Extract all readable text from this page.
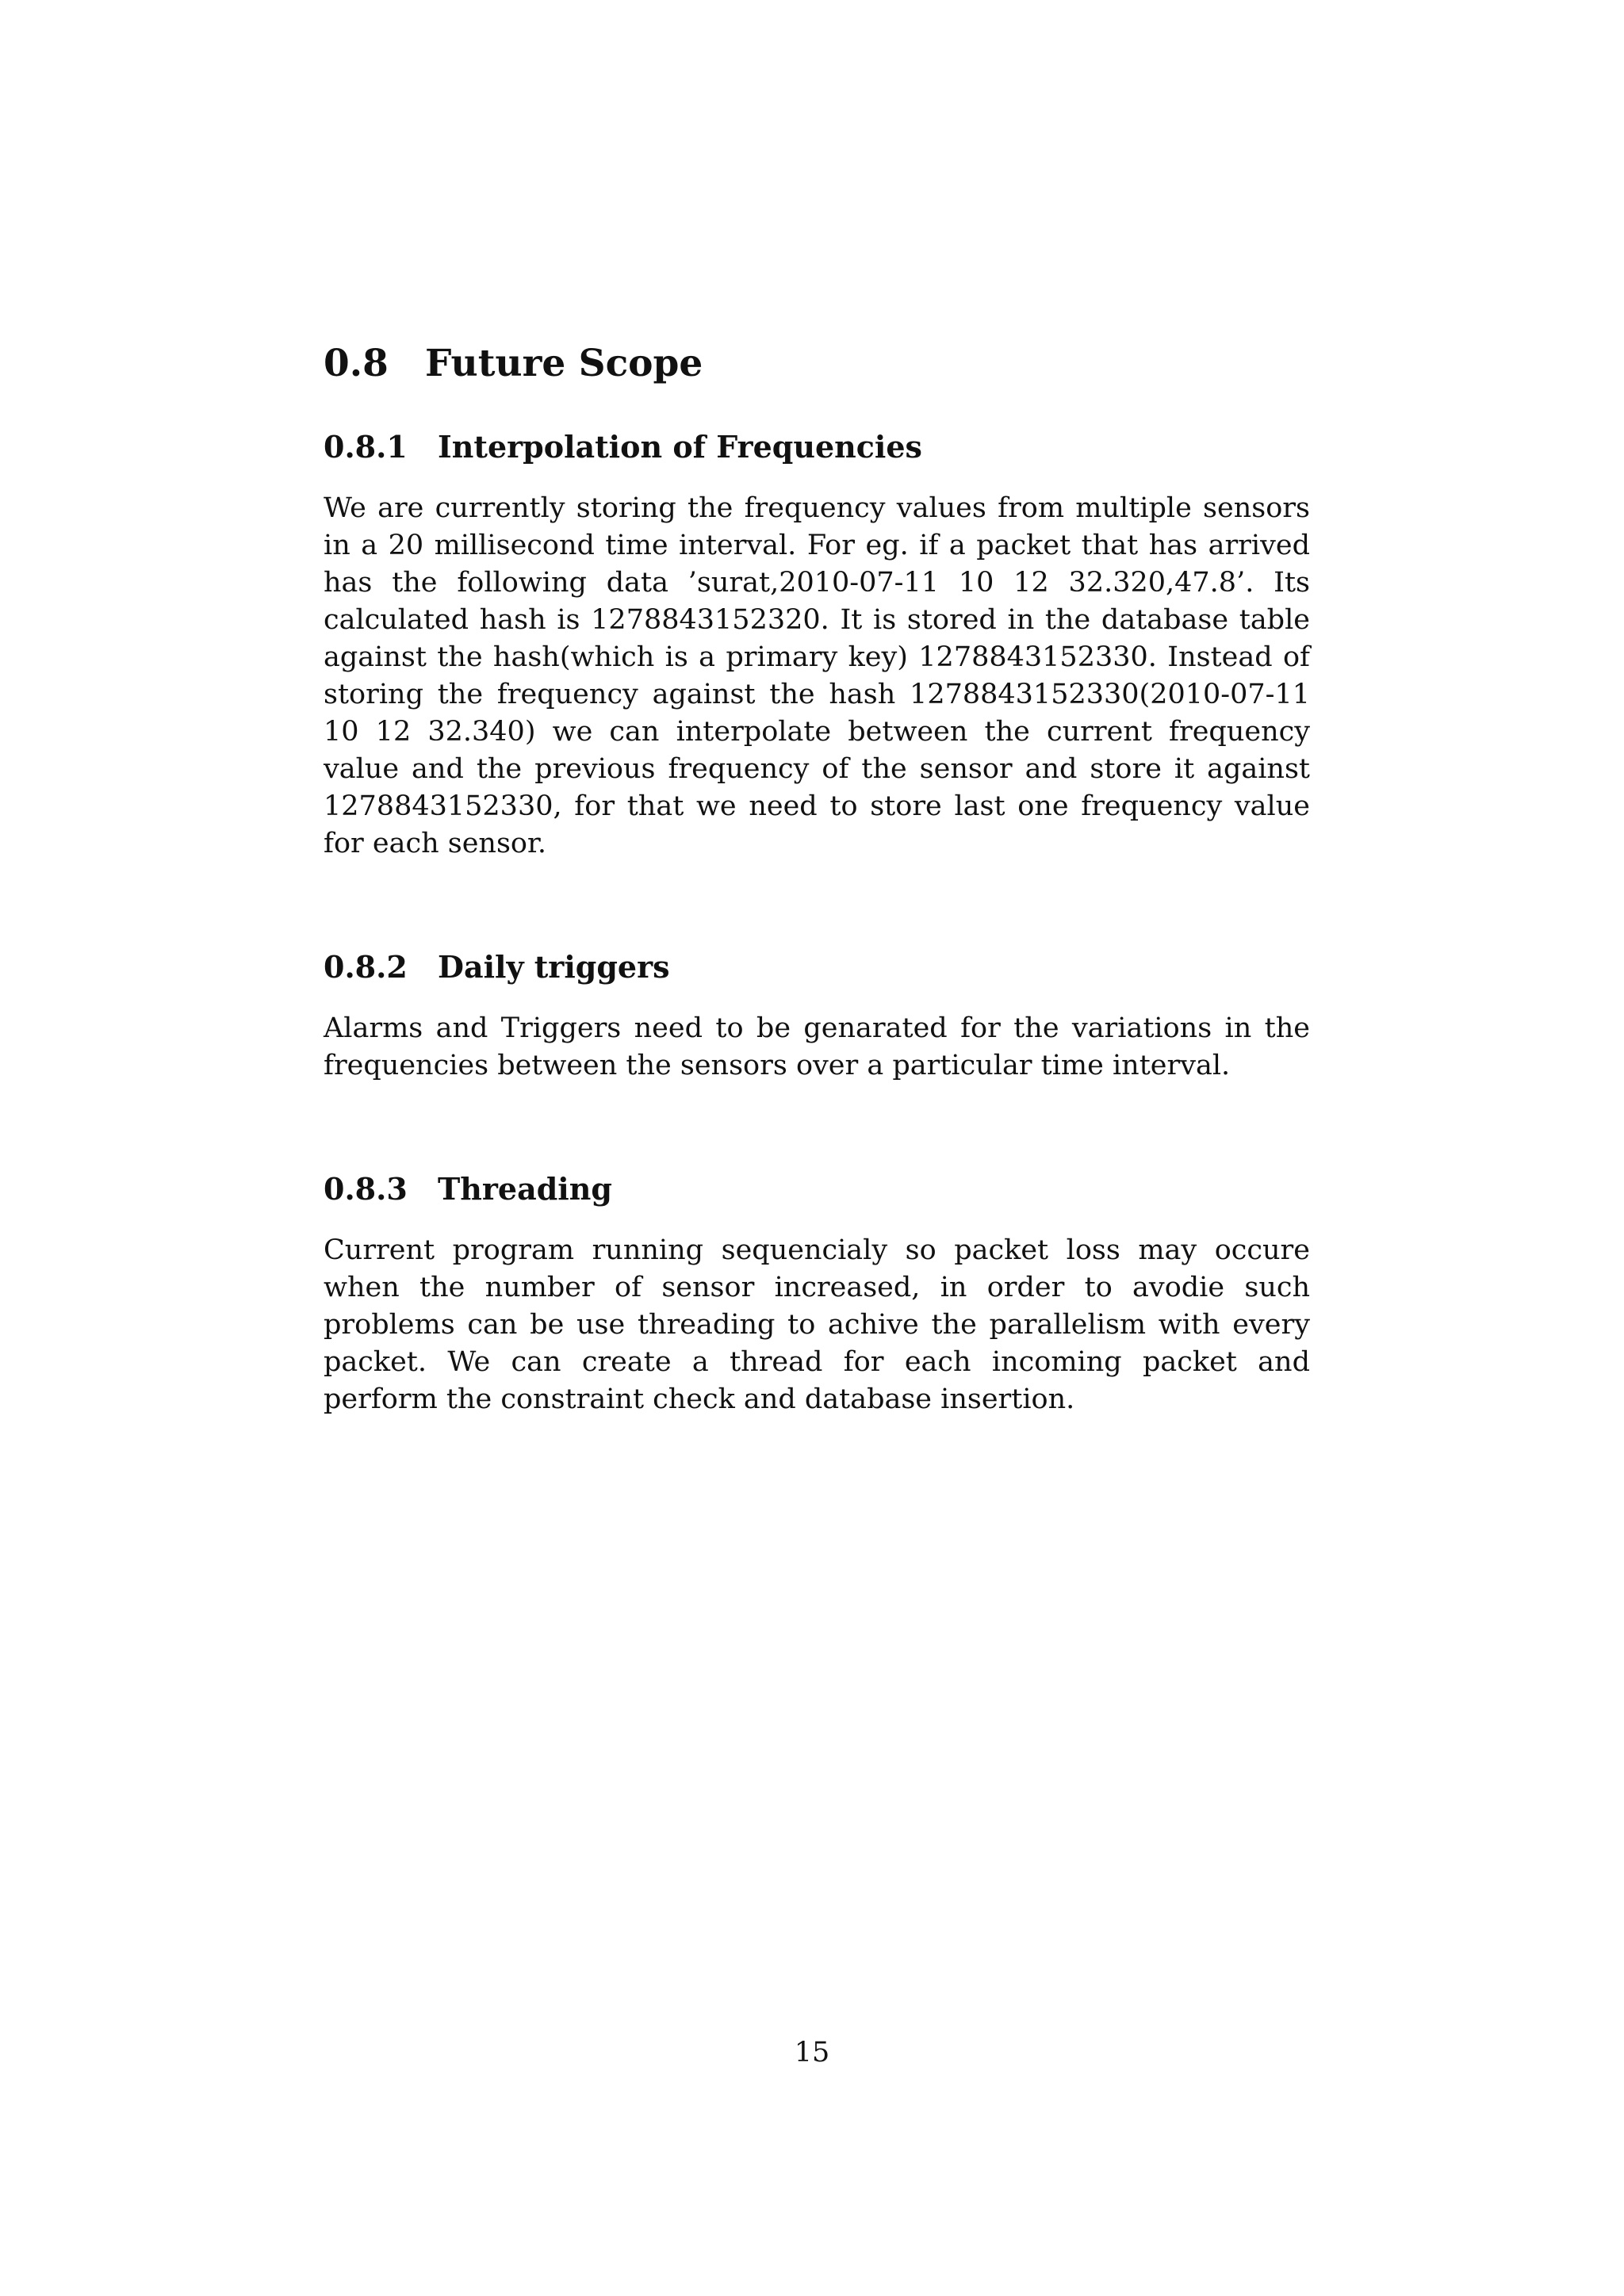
0.8 Future Scope
0.8.1 Interpolation of Frequencies

We are currently storing the frequency values from multiple sensors in a 20 millisecond time interval. For eg. if a packet that has arrived has the following data ’surat,2010-07-11 10 12 32.320,47.8’. Its calculated hash is 1278843152320. It is stored in the database table against the hash(which is a primary key) 1278843152330. Instead of storing the frequency against the hash 1278843152330(2010-07-11 10 12 32.340) we can interpolate between the current frequency value and the previous frequency of the sensor and store it against 1278843152330, for that we need to store last one frequency value for each sensor.

0.8.2 Daily triggers

Alarms and Triggers need to be genarated for the variations in the frequencies between the sensors over a particular time interval.

0.8.3 Threading

Current program running sequencialy so packet loss may occure when the number of sensor increased, in order to avodie such problems can be use threading to achive the parallelism with every packet. We can create a thread for each incoming packet and perform the constraint check and database insertion.

15
